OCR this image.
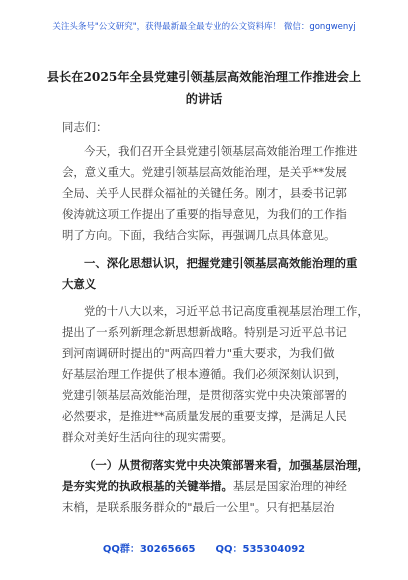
关注头条号"公文研究"，获得最新最全最专业的公文资料库！ 微信：gongwenyj
县长在2025年全县党建引领基层高效能治理工作推进会上
的讲话
同志们：
今天，我们召开全县党建引领基层高效能治理工作推进
会，意义重大。党建引领基层高效能治理，是关乎**发展
全局、关乎人民群众福祉的关键任务。刚才，县委书记郭
俊涛就这项工作提出了重要的指导意见，为我们的工作指
明了方向。下面，我结合实际，再强调几点具体意见。
一、深化思想认识，把握党建引领基层高效能治理的重
大意义
党的十八大以来，习近平总书记高度重视基层治理工作，
提出了一系列新理念新思想新战略。特别是习近平总书记
到河南调研时提出的"两高四着力"重大要求，为我们做
好基层治理工作提供了根本遵循。我们必须深刻认识到，
党建引领基层高效能治理，是贯彻落实党中央决策部署的
必然要求，是推进**高质量发展的重要支撑，是满足人民
群众对美好生活向往的现实需要。
（一）从贯彻落实党中央决策部署来看，加强基层治理，
是夯实党的执政根基的关键举措。基层是国家治理的神经
末梢，是联系服务群众的"最后一公里"。只有把基层治
QQ群：30265665 QQ：535304092
